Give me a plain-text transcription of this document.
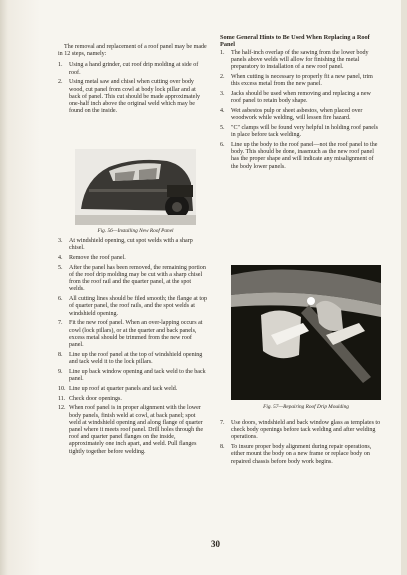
The removal and replacement of a roof panel may be made in 12 steps, namely:

1. Using a hand grinder, cut roof drip molding at side of roof.
2. Using metal saw and chisel when cutting over body wood, cut panel from cowl at body lock pillar and at back of panel. This cut should be made approximately one-half inch above the original weld which may be found on the inside.
Fig. 56—Installing New Roof Panel
3. At windshield opening, cut spot welds with a sharp chisel.
4. Remove the roof panel.
5. After the panel has been removed, the remaining portion of the roof drip molding may be cut with a sharp chisel from the roof rail and the quarter panel, at the spot welds.
6. All cutting lines should be filed smooth; the flange at top of quarter panel, the roof rails, and the spot welds at windshield opening.
7. Fit the new roof panel. When an over-lapping occurs at cowl (lock pillars), or at the quarter and back panels, excess metal should be trimmed from the new roof panel.
8. Line up the roof panel at the top of windshield opening and tack weld it to the lock pillars.
9. Line up back window opening and tack weld to the back panel.
10. Line up roof at quarter panels and tack weld.
11. Check door openings.
12. When roof panel is in proper alignment with the lower body panels, finish weld at cowl, at back panel; spot weld at windshield opening and along flange of quarter panel where it meets roof panel. Drill holes through the roof and quarter panel flanges on the inside, approximately one inch apart, and weld. Pull flanges tightly together before welding.

Some General Hints to Be Used When Replacing a Roof Panel

1. The half-inch overlap of the sawing from the lower body panels above welds will allow for finishing the metal preparatory to installation of a new roof panel.
2. When cutting is necessary to properly fit a new panel, trim this excess metal from the new panel.
3. Jacks should be used when removing and replacing a new roof panel to retain body shape.
4. Wet asbestos pulp or sheet asbestos, when placed over woodwork while welding, will lessen fire hazard.
5. "C" clamps will be found very helpful in holding roof panels in place before tack welding.
6. Line up the body to the roof panel—not the roof panel to the body. This should be done, inasmuch as the new roof panel has the proper shape and will indicate any misalignment of the body lower panels.
Fig. 57—Repairing Roof Drip Moulding
7. Use doors, windshield and back window glass as templates to check body openings before tack welding and after welding operations.
8. To insure proper body alignment during repair operations, either mount the body on a new frame or replace body on repaired chassis before body work begins.
30
